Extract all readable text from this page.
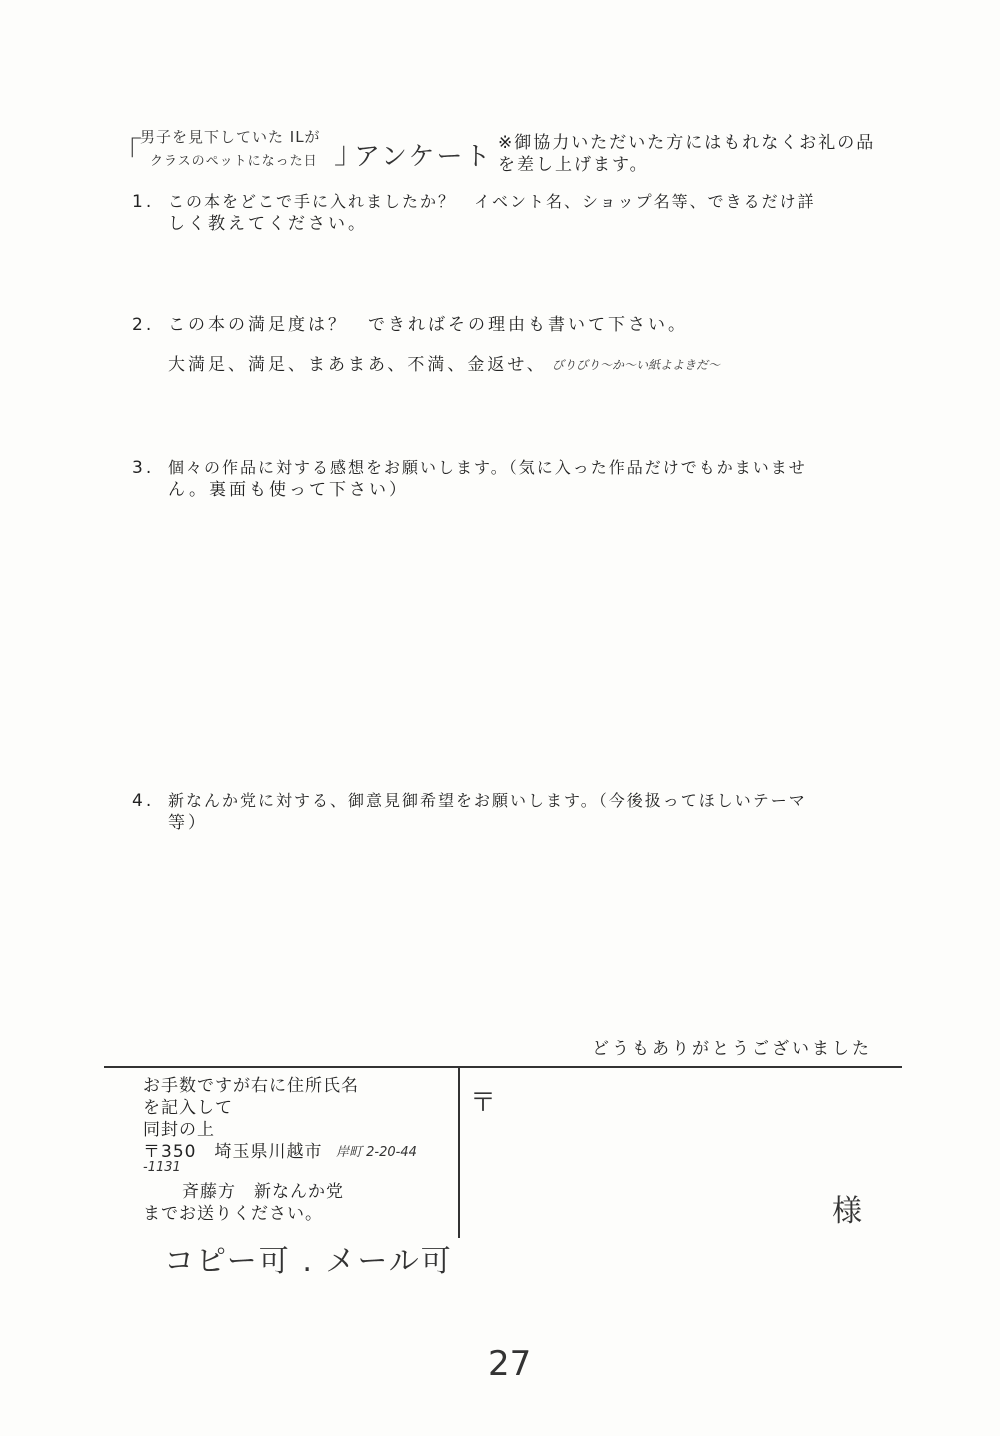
「
男子を見下していた ILが
クラスのペットになった日 」
アンケート ※御協力いただいた方にはもれなくお礼の品
を差し上げます。
1. この本をどこで手に入れましたか？　イベント名、ショップ名等、できるだけ詳
しく教えてください。
2. この本の満足度は？　できればその理由も書いて下さい。
大満足、満足、まあまあ、不満、金返せ、 びりびり〜か〜い紙よよきだ〜
3. 個々の作品に対する感想をお願いします。（気に入った作品だけでもかまいませ
ん。裏面も使って下さい）
4. 新なんか党に対する、御意見御希望をお願いします。（今後扱ってほしいテーマ
等）
どうもありがとうございました
お手数ですが右に住所氏名
を記入して
同封の上
〒350　埼玉県川越市 岸町 2-20-44
-1131
斉藤方　新なんか党
までお送りください。
〒
様
コピー可 . メール可
27
